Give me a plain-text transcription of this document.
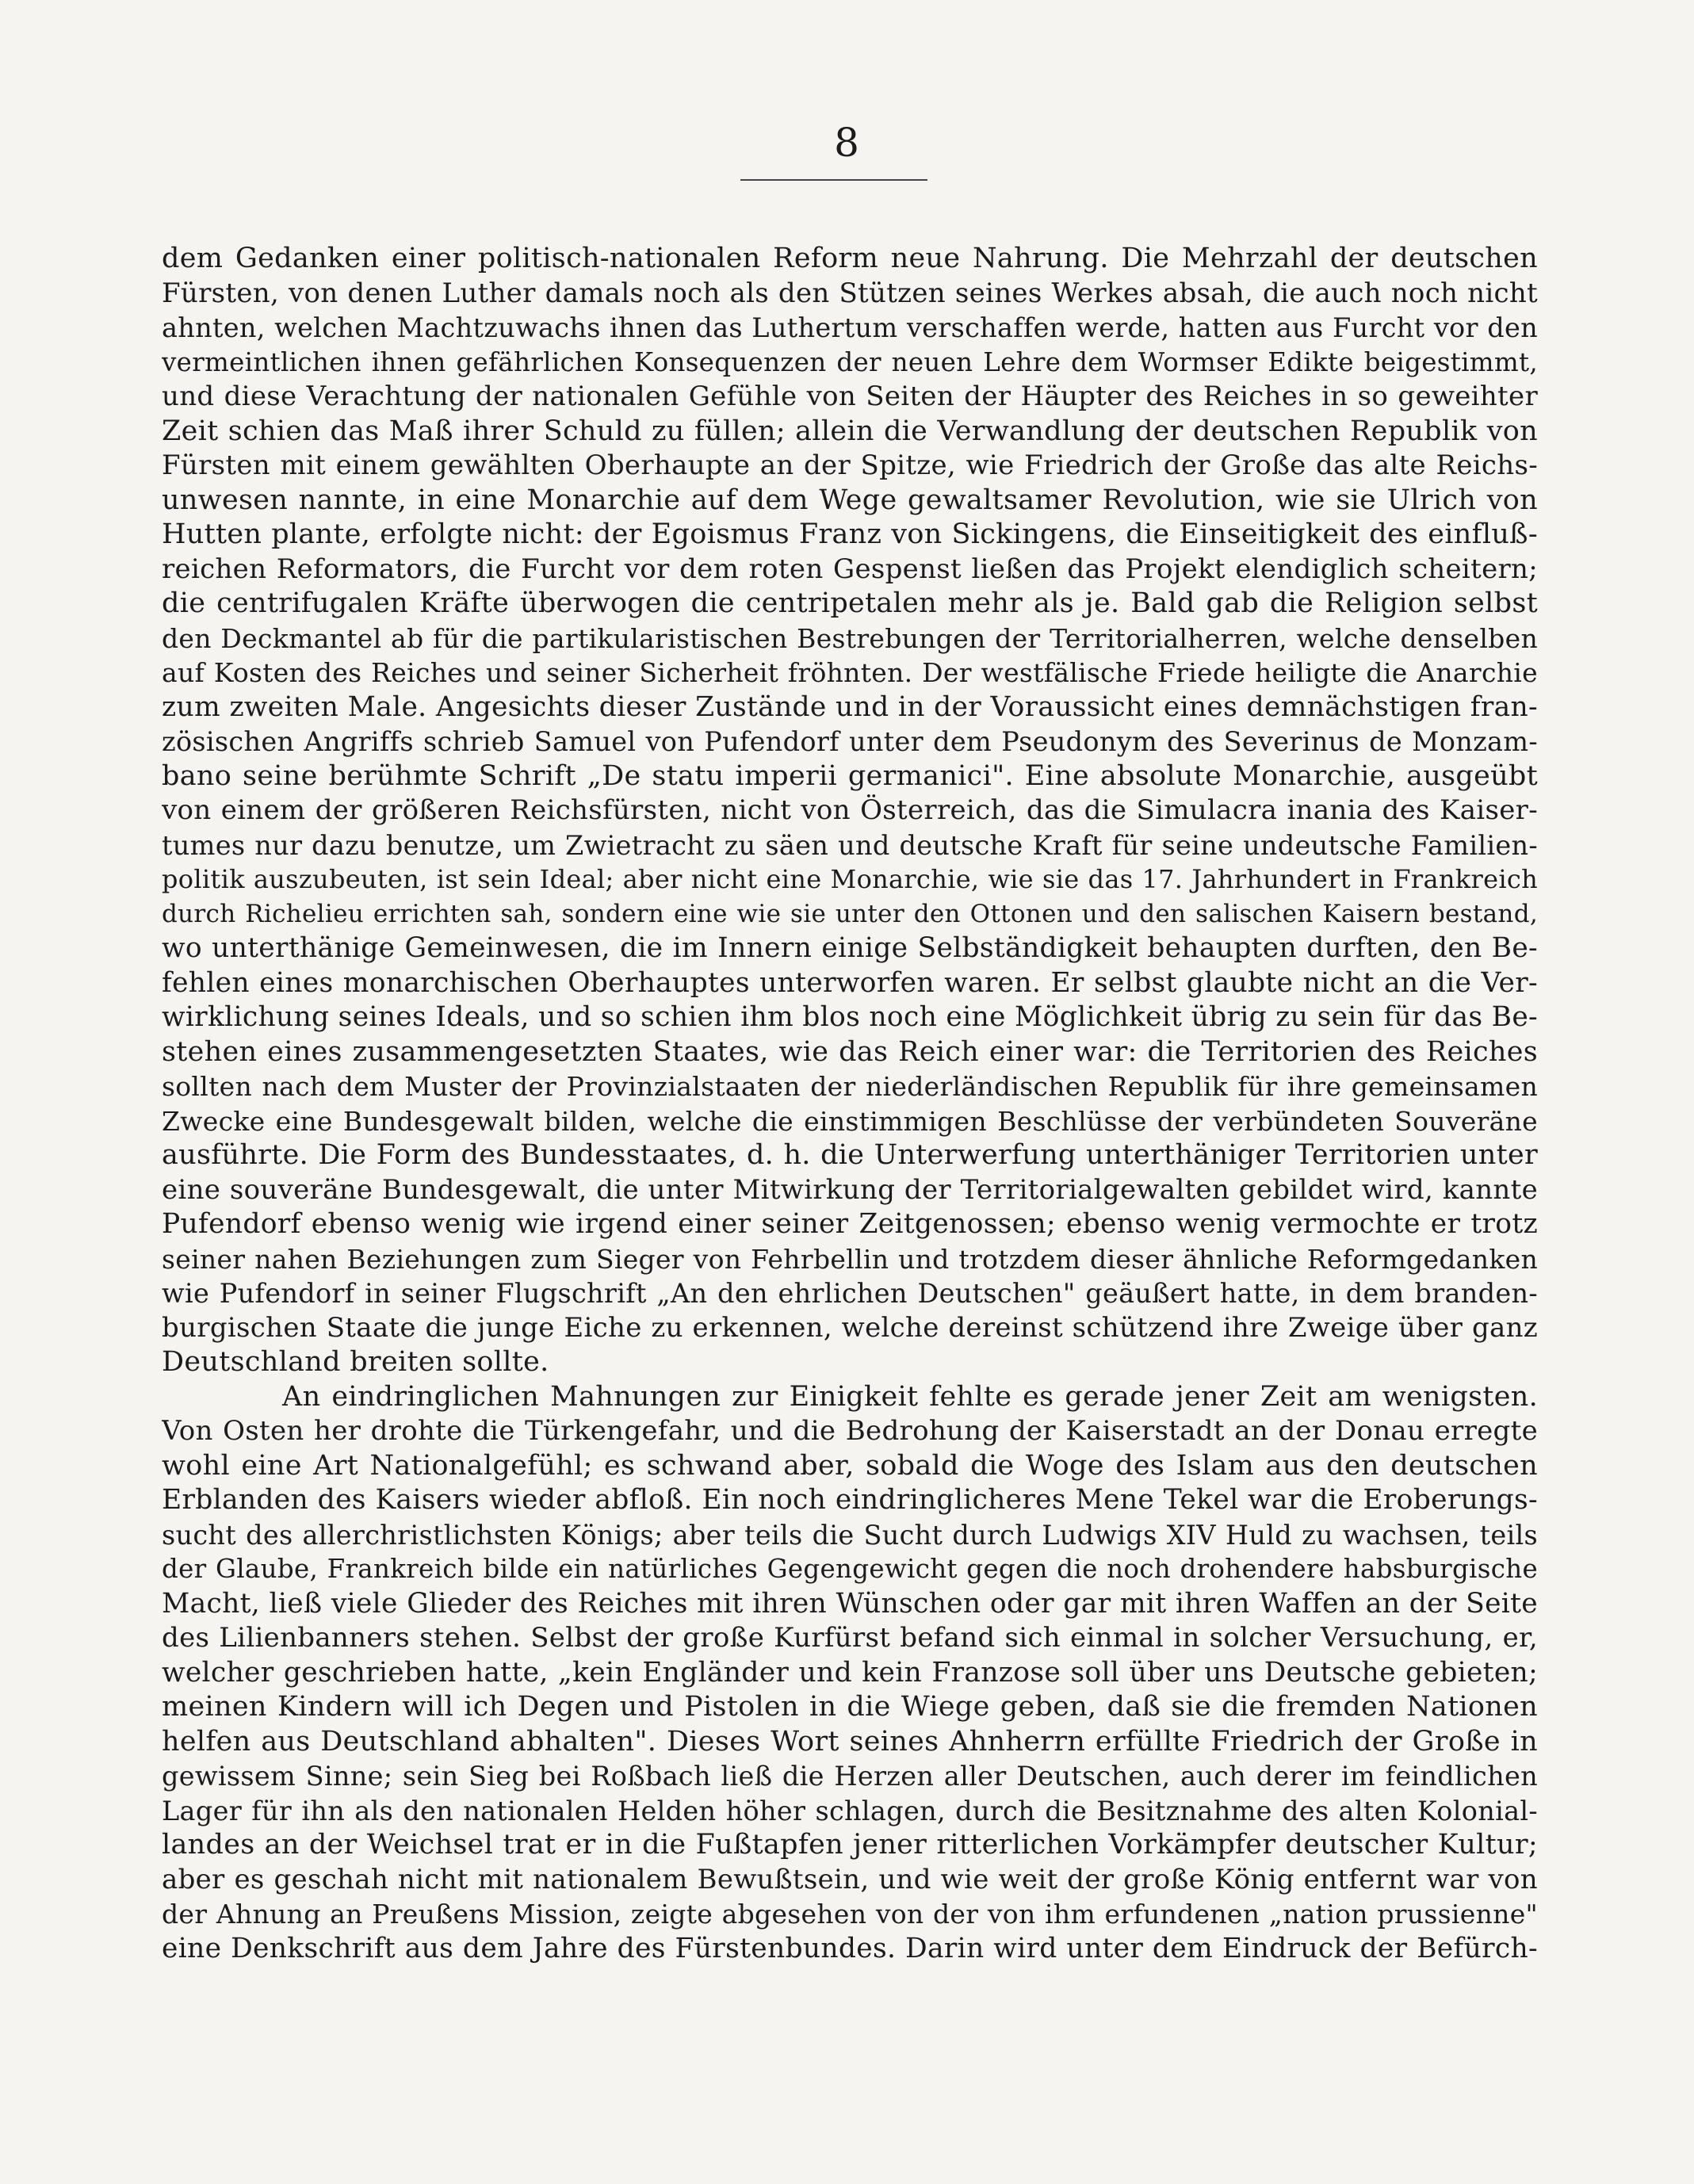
8
dem Gedanken einer politisch-nationalen Reform neue Nahrung. Die Mehrzahl der deutschen
Fürsten, von denen Luther damals noch als den Stützen seines Werkes absah, die auch noch nicht
ahnten, welchen Machtzuwachs ihnen das Luthertum verschaffen werde, hatten aus Furcht vor den
vermeintlichen ihnen gefährlichen Konsequenzen der neuen Lehre dem Wormser Edikte beigestimmt,
und diese Verachtung der nationalen Gefühle von Seiten der Häupter des Reiches in so geweihter
Zeit schien das Maß ihrer Schuld zu füllen; allein die Verwandlung der deutschen Republik von
Fürsten mit einem gewählten Oberhaupte an der Spitze, wie Friedrich der Große das alte Reichs-
unwesen nannte, in eine Monarchie auf dem Wege gewaltsamer Revolution, wie sie Ulrich von
Hutten plante, erfolgte nicht: der Egoismus Franz von Sickingens, die Einseitigkeit des einfluß-
reichen Reformators, die Furcht vor dem roten Gespenst ließen das Projekt elendiglich scheitern;
die centrifugalen Kräfte überwogen die centripetalen mehr als je. Bald gab die Religion selbst
den Deckmantel ab für die partikularistischen Bestrebungen der Territorialherren, welche denselben
auf Kosten des Reiches und seiner Sicherheit fröhnten. Der westfälische Friede heiligte die Anarchie
zum zweiten Male. Angesichts dieser Zustände und in der Voraussicht eines demnächstigen fran-
zösischen Angriffs schrieb Samuel von Pufendorf unter dem Pseudonym des Severinus de Monzam-
bano seine berühmte Schrift „De statu imperii germanici". Eine absolute Monarchie, ausgeübt
von einem der größeren Reichsfürsten, nicht von Österreich, das die Simulacra inania des Kaiser-
tumes nur dazu benutze, um Zwietracht zu säen und deutsche Kraft für seine undeutsche Familien-
politik auszubeuten, ist sein Ideal; aber nicht eine Monarchie, wie sie das 17. Jahrhundert in Frankreich
durch Richelieu errichten sah, sondern eine wie sie unter den Ottonen und den salischen Kaisern bestand,
wo unterthänige Gemeinwesen, die im Innern einige Selbständigkeit behaupten durften, den Be-
fehlen eines monarchischen Oberhauptes unterworfen waren. Er selbst glaubte nicht an die Ver-
wirklichung seines Ideals, und so schien ihm blos noch eine Möglichkeit übrig zu sein für das Be-
stehen eines zusammengesetzten Staates, wie das Reich einer war: die Territorien des Reiches
sollten nach dem Muster der Provinzialstaaten der niederländischen Republik für ihre gemeinsamen
Zwecke eine Bundesgewalt bilden, welche die einstimmigen Beschlüsse der verbündeten Souveräne
ausführte. Die Form des Bundesstaates, d. h. die Unterwerfung unterthäniger Territorien unter
eine souveräne Bundesgewalt, die unter Mitwirkung der Territorialgewalten gebildet wird, kannte
Pufendorf ebenso wenig wie irgend einer seiner Zeitgenossen; ebenso wenig vermochte er trotz
seiner nahen Beziehungen zum Sieger von Fehrbellin und trotzdem dieser ähnliche Reformgedanken
wie Pufendorf in seiner Flugschrift „An den ehrlichen Deutschen" geäußert hatte, in dem branden-
burgischen Staate die junge Eiche zu erkennen, welche dereinst schützend ihre Zweige über ganz
Deutschland breiten sollte.
An eindringlichen Mahnungen zur Einigkeit fehlte es gerade jener Zeit am wenigsten.
Von Osten her drohte die Türkengefahr, und die Bedrohung der Kaiserstadt an der Donau erregte
wohl eine Art Nationalgefühl; es schwand aber, sobald die Woge des Islam aus den deutschen
Erblanden des Kaisers wieder abfloß. Ein noch eindringlicheres Mene Tekel war die Eroberungs-
sucht des allerchristlichsten Königs; aber teils die Sucht durch Ludwigs XIV Huld zu wachsen, teils
der Glaube, Frankreich bilde ein natürliches Gegengewicht gegen die noch drohendere habsburgische
Macht, ließ viele Glieder des Reiches mit ihren Wünschen oder gar mit ihren Waffen an der Seite
des Lilienbanners stehen. Selbst der große Kurfürst befand sich einmal in solcher Versuchung, er,
welcher geschrieben hatte, „kein Engländer und kein Franzose soll über uns Deutsche gebieten;
meinen Kindern will ich Degen und Pistolen in die Wiege geben, daß sie die fremden Nationen
helfen aus Deutschland abhalten". Dieses Wort seines Ahnherrn erfüllte Friedrich der Große in
gewissem Sinne; sein Sieg bei Roßbach ließ die Herzen aller Deutschen, auch derer im feindlichen
Lager für ihn als den nationalen Helden höher schlagen, durch die Besitznahme des alten Kolonial-
landes an der Weichsel trat er in die Fußtapfen jener ritterlichen Vorkämpfer deutscher Kultur;
aber es geschah nicht mit nationalem Bewußtsein, und wie weit der große König entfernt war von
der Ahnung an Preußens Mission, zeigte abgesehen von der von ihm erfundenen „nation prussienne"
eine Denkschrift aus dem Jahre des Fürstenbundes. Darin wird unter dem Eindruck der Befürch-
